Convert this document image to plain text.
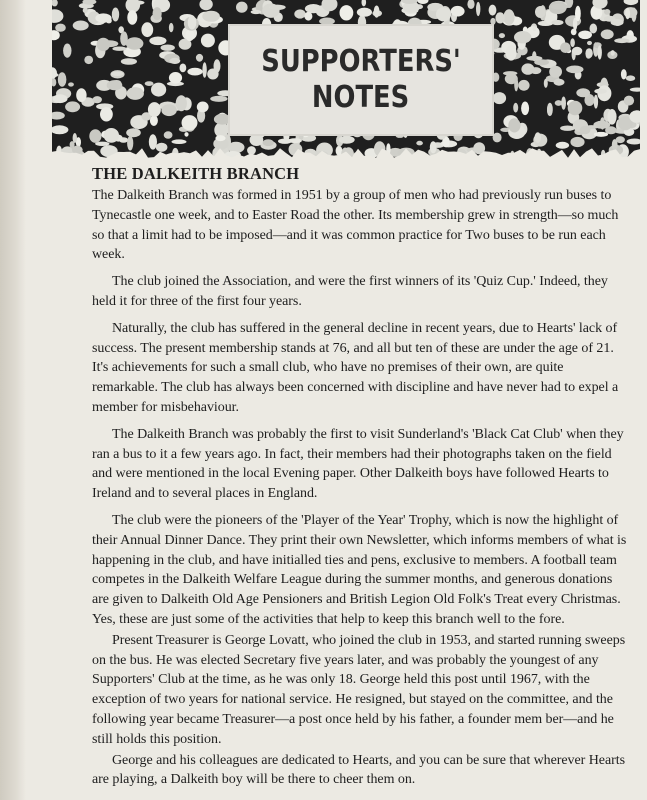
SUPPORTERS'
NOTES
THE DALKEITH BRANCH

The Dalkeith Branch was formed in 1951 by a group of men who had previously run buses to Tynecastle one week, and to Easter Road the other. Its membership grew in strength—so much so that a limit had to be imposed—and it was common practice for Two buses to be run each week.

The club joined the Association, and were the first winners of its 'Quiz Cup.' Indeed, they held it for three of the first four years.

Naturally, the club has suffered in the general decline in recent years, due to Hearts' lack of success. The present membership stands at 76, and all but ten of these are under the age of 21. It's achievements for such a small club, who have no premises of their own, are quite remarkable. The club has always been concerned with discipline and have never had to expel a member for misbehaviour.

The Dalkeith Branch was probably the first to visit Sunderland's 'Black Cat Club' when they ran a bus to it a few years ago. In fact, their members had their photographs taken on the field and were mentioned in the local Evening paper. Other Dalkeith boys have followed Hearts to Ireland and to several places in England.

The club were the pioneers of the 'Player of the Year' Trophy, which is now the highlight of their Annual Dinner Dance. They print their own Newsletter, which informs members of what is happening in the club, and have initialled ties and pens, exclusive to members. A football team competes in the Dalkeith Welfare League during the summer months, and generous donations are given to Dalkeith Old Age Pensioners and British Legion Old Folk's Treat every Christmas. Yes, these are just some of the activities that help to keep this branch well to the fore.

Present Treasurer is George Lovatt, who joined the club in 1953, and started running sweeps on the bus. He was elected Secretary five years later, and was probably the youngest of any Supporters' Club at the time, as he was only 18. George held this post until 1967, with the exception of two years for national service. He resigned, but stayed on the committee, and the following year became Treasurer—a post once held by his father, a founder mem ber—and he still holds this position.

George and his colleagues are dedicated to Hearts, and you can be sure that wherever Hearts are playing, a Dalkeith boy will be there to cheer them on.
